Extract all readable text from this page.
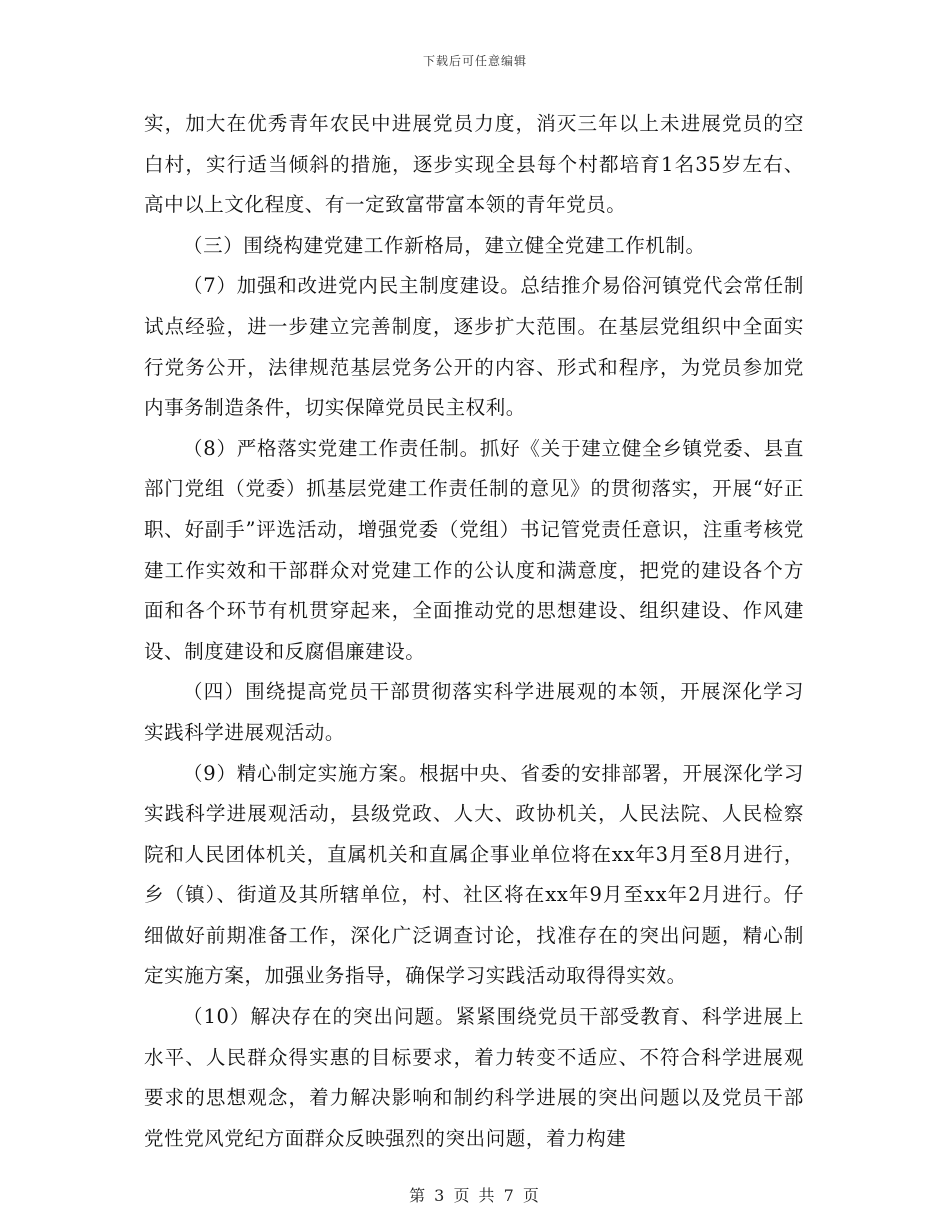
下载后可任意编辑

实，加大在优秀青年农民中进展党员力度，消灭三年以上未进展党员的空白村，实行适当倾斜的措施，逐步实现全县每个村都培育1名35岁左右、高中以上文化程度、有一定致富带富本领的青年党员。

（三）围绕构建党建工作新格局，建立健全党建工作机制。

（7）加强和改进党内民主制度建设。总结推介易俗河镇党代会常任制试点经验，进一步建立完善制度，逐步扩大范围。在基层党组织中全面实行党务公开，法律规范基层党务公开的内容、形式和程序，为党员参加党内事务制造条件，切实保障党员民主权利。

（8）严格落实党建工作责任制。抓好《关于建立健全乡镇党委、县直部门党组（党委）抓基层党建工作责任制的意见》的贯彻落实，开展“好正职、好副手”评选活动，增强党委（党组）书记管党责任意识，注重考核党建工作实效和干部群众对党建工作的公认度和满意度，把党的建设各个方面和各个环节有机贯穿起来，全面推动党的思想建设、组织建设、作风建设、制度建设和反腐倡廉建设。

（四）围绕提高党员干部贯彻落实科学进展观的本领，开展深化学习实践科学进展观活动。

（9）精心制定实施方案。根据中央、省委的安排部署，开展深化学习实践科学进展观活动，县级党政、人大、政协机关，人民法院、人民检察院和人民团体机关，直属机关和直属企事业单位将在xx年3月至8月进行，乡（镇）、街道及其所辖单位，村、社区将在xx年9月至xx年2月进行。仔细做好前期准备工作，深化广泛调查讨论，找准存在的突出问题，精心制定实施方案，加强业务指导，确保学习实践活动取得得实效。

（10）解决存在的突出问题。紧紧围绕党员干部受教育、科学进展上水平、人民群众得实惠的目标要求，着力转变不适应、不符合科学进展观要求的思想观念，着力解决影响和制约科学进展的突出问题以及党员干部党性党风党纪方面群众反映强烈的突出问题，着力构建

第 3 页 共 7 页
